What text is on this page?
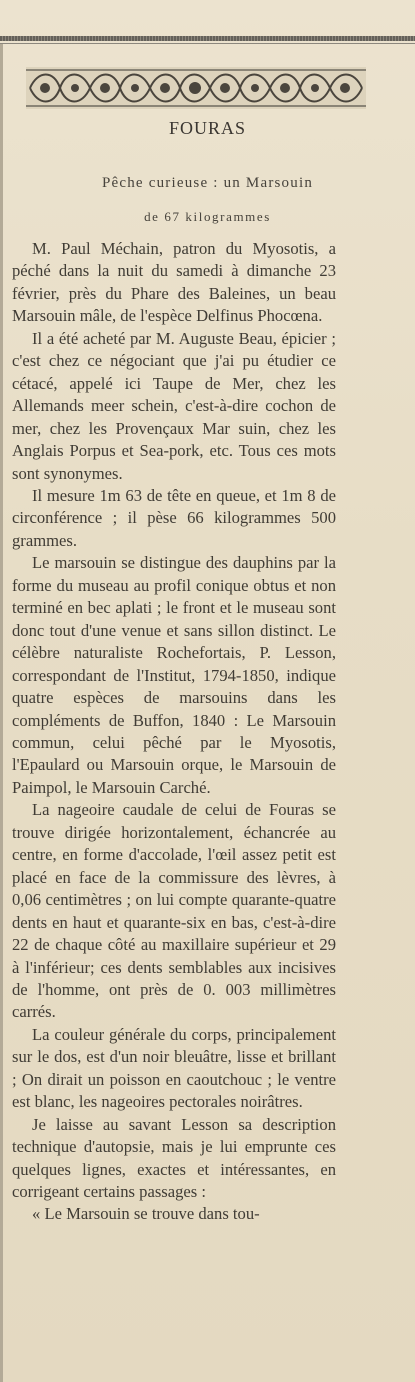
FOURAS
Pêche curieuse : un Marsouin
de 67 kilogrammes

M. Paul Méchain, patron du Myosotis, a péché dans la nuit du samedi à dimanche 23 février, près du Phare des Baleines, un beau Marsouin mâle, de l'espèce Delfinus Phocœna.

Il a été acheté par M. Auguste Beau, épicier ; c'est chez ce négociant que j'ai pu étudier ce cétacé, appelé ici Taupe de Mer, chez les Allemands meer schein, c'est-à-dire cochon de mer, chez les Provençaux Mar suin, chez les Anglais Porpus et Sea-pork, etc. Tous ces mots sont synonymes.

Il mesure 1m 63 de tête en queue, et 1m 8 de circonférence ; il pèse 66 kilogrammes 500 grammes.

Le marsouin se distingue des dauphins par la forme du museau au profil conique obtus et non terminé en bec aplati ; le front et le museau sont donc tout d'une venue et sans sillon distinct. Le célèbre naturaliste Rochefortais, P. Lesson, correspondant de l'Institut, 1794-1850, indique quatre espèces de marsouins dans les compléments de Buffon, 1840 : Le Marsouin commun, celui pêché par le Myosotis, l'Epaulard ou Marsouin orque, le Marsouin de Paimpol, le Marsouin Carché.

La nageoire caudale de celui de Fouras se trouve dirigée horizontalement, échancrée au centre, en forme d'accolade, l'œil assez petit est placé en face de la commissure des lèvres, à 0,06 centimètres ; on lui compte quarante-quatre dents en haut et quarante-six en bas, c'est-à-dire 22 de chaque côté au maxillaire supérieur et 29 à l'inférieur; ces dents semblables aux incisives de l'homme, ont près de 0. 003 millimètres carrés.

La couleur générale du corps, principalement sur le dos, est d'un noir bleuâtre, lisse et brillant ; On dirait un poisson en caoutchouc ; le ventre est blanc, les nageoires pectorales noirâtres.

Je laisse au savant Lesson sa description technique d'autopsie, mais je lui emprunte ces quelques lignes, exactes et intéressantes, en corrigeant certains passages :

« Le Marsouin se trouve dans tou-
